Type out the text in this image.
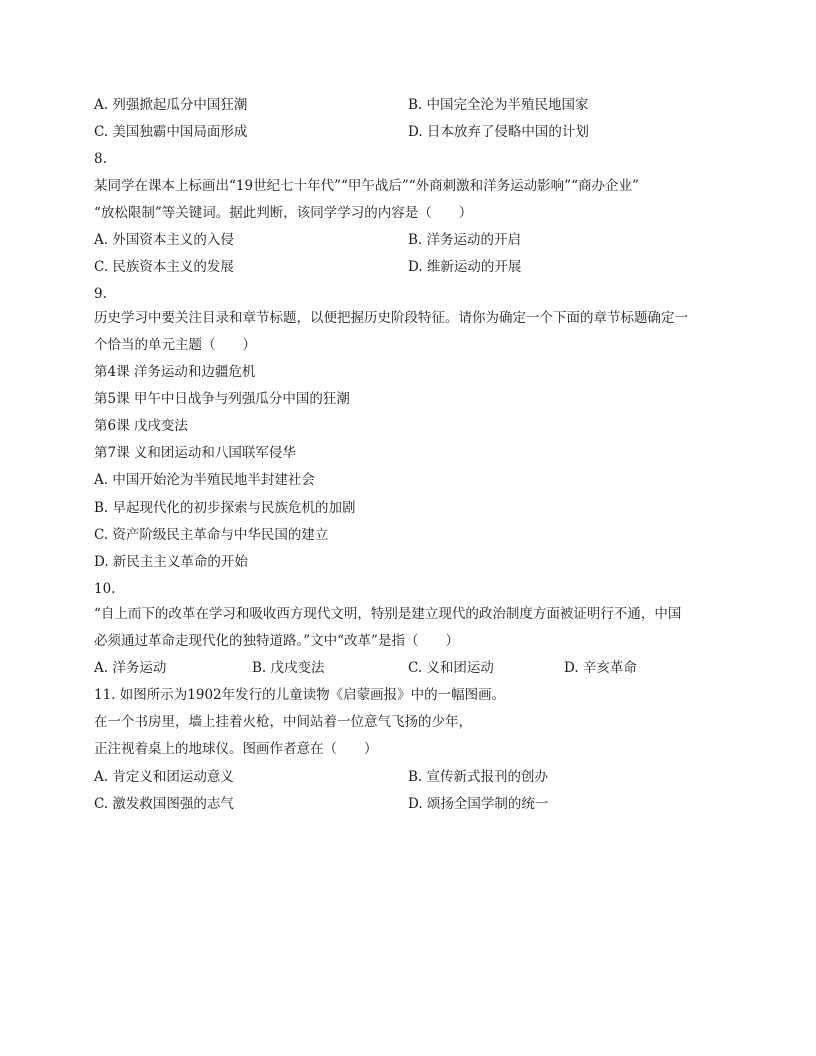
A. 列强掀起瓜分中国狂潮	B. 中国完全沦为半殖民地国家
C. 美国独霸中国局面形成	D. 日本放弃了侵略中国的计划
8.
某同学在课本上标画出“19世纪七十年代”“甲午战后”“外商刺激和洋务运动影响”“商办企业”
“放松限制”等关键词。据此判断，该同学学习的内容是（　　）
A. 外国资本主义的入侵	B. 洋务运动的开启
C. 民族资本主义的发展	D. 维新运动的开展
9.
历史学习中要关注目录和章节标题，以便把握历史阶段特征。请你为确定一个下面的章节标题确定一
个恰当的单元主题（　　）
第4课 洋务运动和边疆危机
第5课 甲午中日战争与列强瓜分中国的狂潮
第6课 戊戌变法
第7课 义和团运动和八国联军侵华
A. 中国开始沦为半殖民地半封建社会
B. 早起现代化的初步探索与民族危机的加剧
C. 资产阶级民主革命与中华民国的建立
D. 新民主主义革命的开始
10.
“自上而下的改革在学习和吸收西方现代文明，特别是建立现代的政治制度方面被证明行不通，中国
必须通过革命走现代化的独特道路。”文中“改革”是指（　　）
A. 洋务运动	B. 戊戌变法	C. 义和团运动	D. 辛亥革命
11. 如图所示为1902年发行的儿童读物《启蒙画报》中的一幅图画。
在一个书房里，墙上挂着火枪，中间站着一位意气飞扬的少年，
正注视着桌上的地球仪。图画作者意在（　　）
A. 肯定义和团运动意义	B. 宣传新式报刊的创办
C. 激发救国图强的志气	D. 颂扬全国学制的统一
